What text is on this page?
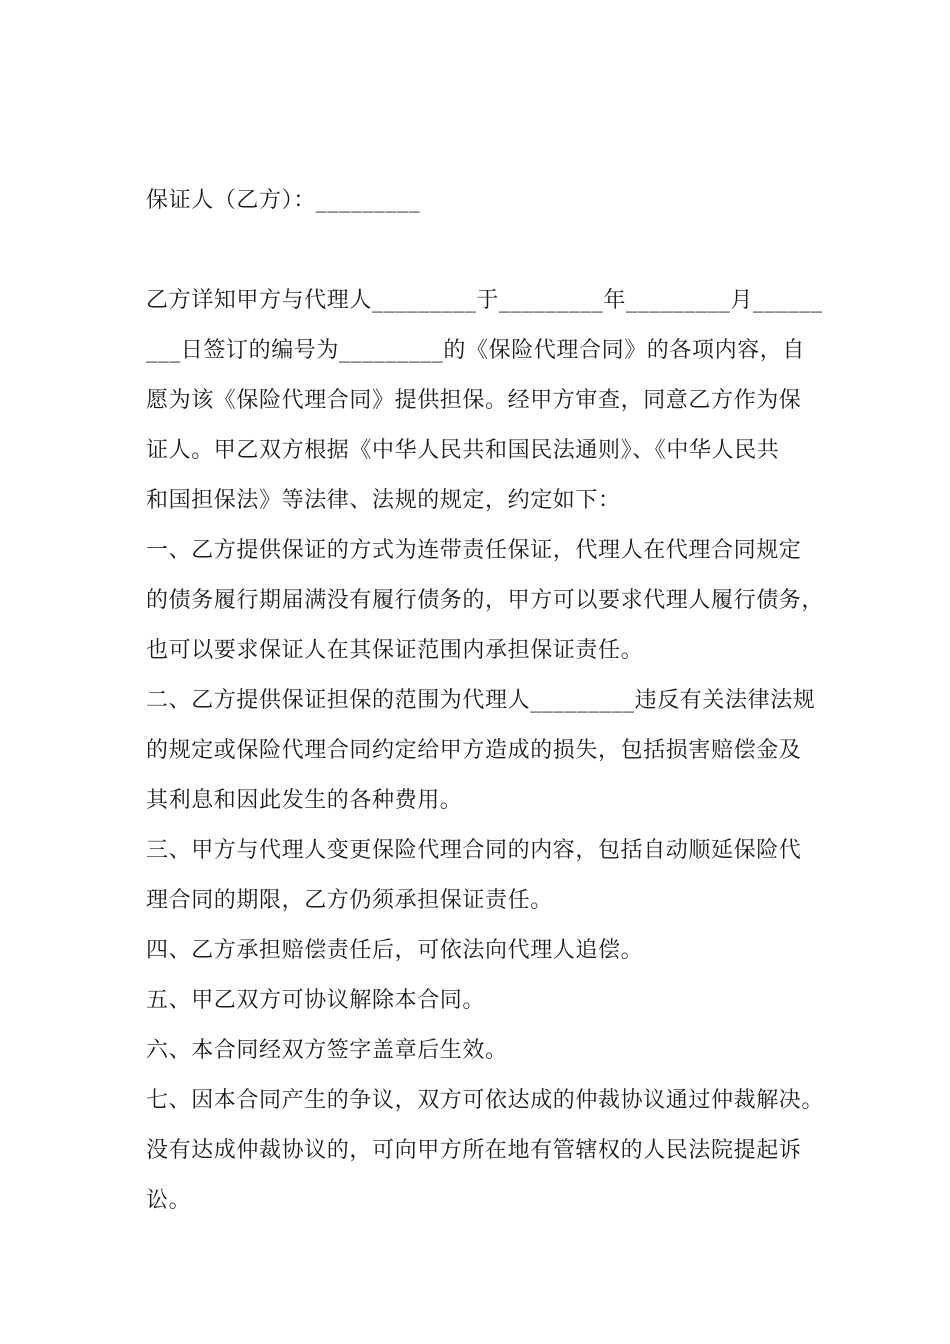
保证人（乙方）：_________
乙方详知甲方与代理人_________于_________年_________月______
___日签订的编号为_________的《保险代理合同》的各项内容，自
愿为该《保险代理合同》提供担保。经甲方审查，同意乙方作为保
证人。甲乙双方根据《中华人民共和国民法通则》、《中华人民共
和国担保法》等法律、法规的规定，约定如下：
一、乙方提供保证的方式为连带责任保证，代理人在代理合同规定
的债务履行期届满没有履行债务的，甲方可以要求代理人履行债务，
也可以要求保证人在其保证范围内承担保证责任。
二、乙方提供保证担保的范围为代理人_________违反有关法律法规
的规定或保险代理合同约定给甲方造成的损失，包括损害赔偿金及
其利息和因此发生的各种费用。
三、甲方与代理人变更保险代理合同的内容，包括自动顺延保险代
理合同的期限，乙方仍须承担保证责任。
四、乙方承担赔偿责任后，可依法向代理人追偿。
五、甲乙双方可协议解除本合同。
六、本合同经双方签字盖章后生效。
七、因本合同产生的争议，双方可依达成的仲裁协议通过仲裁解决。
没有达成仲裁协议的，可向甲方所在地有管辖权的人民法院提起诉
讼。
